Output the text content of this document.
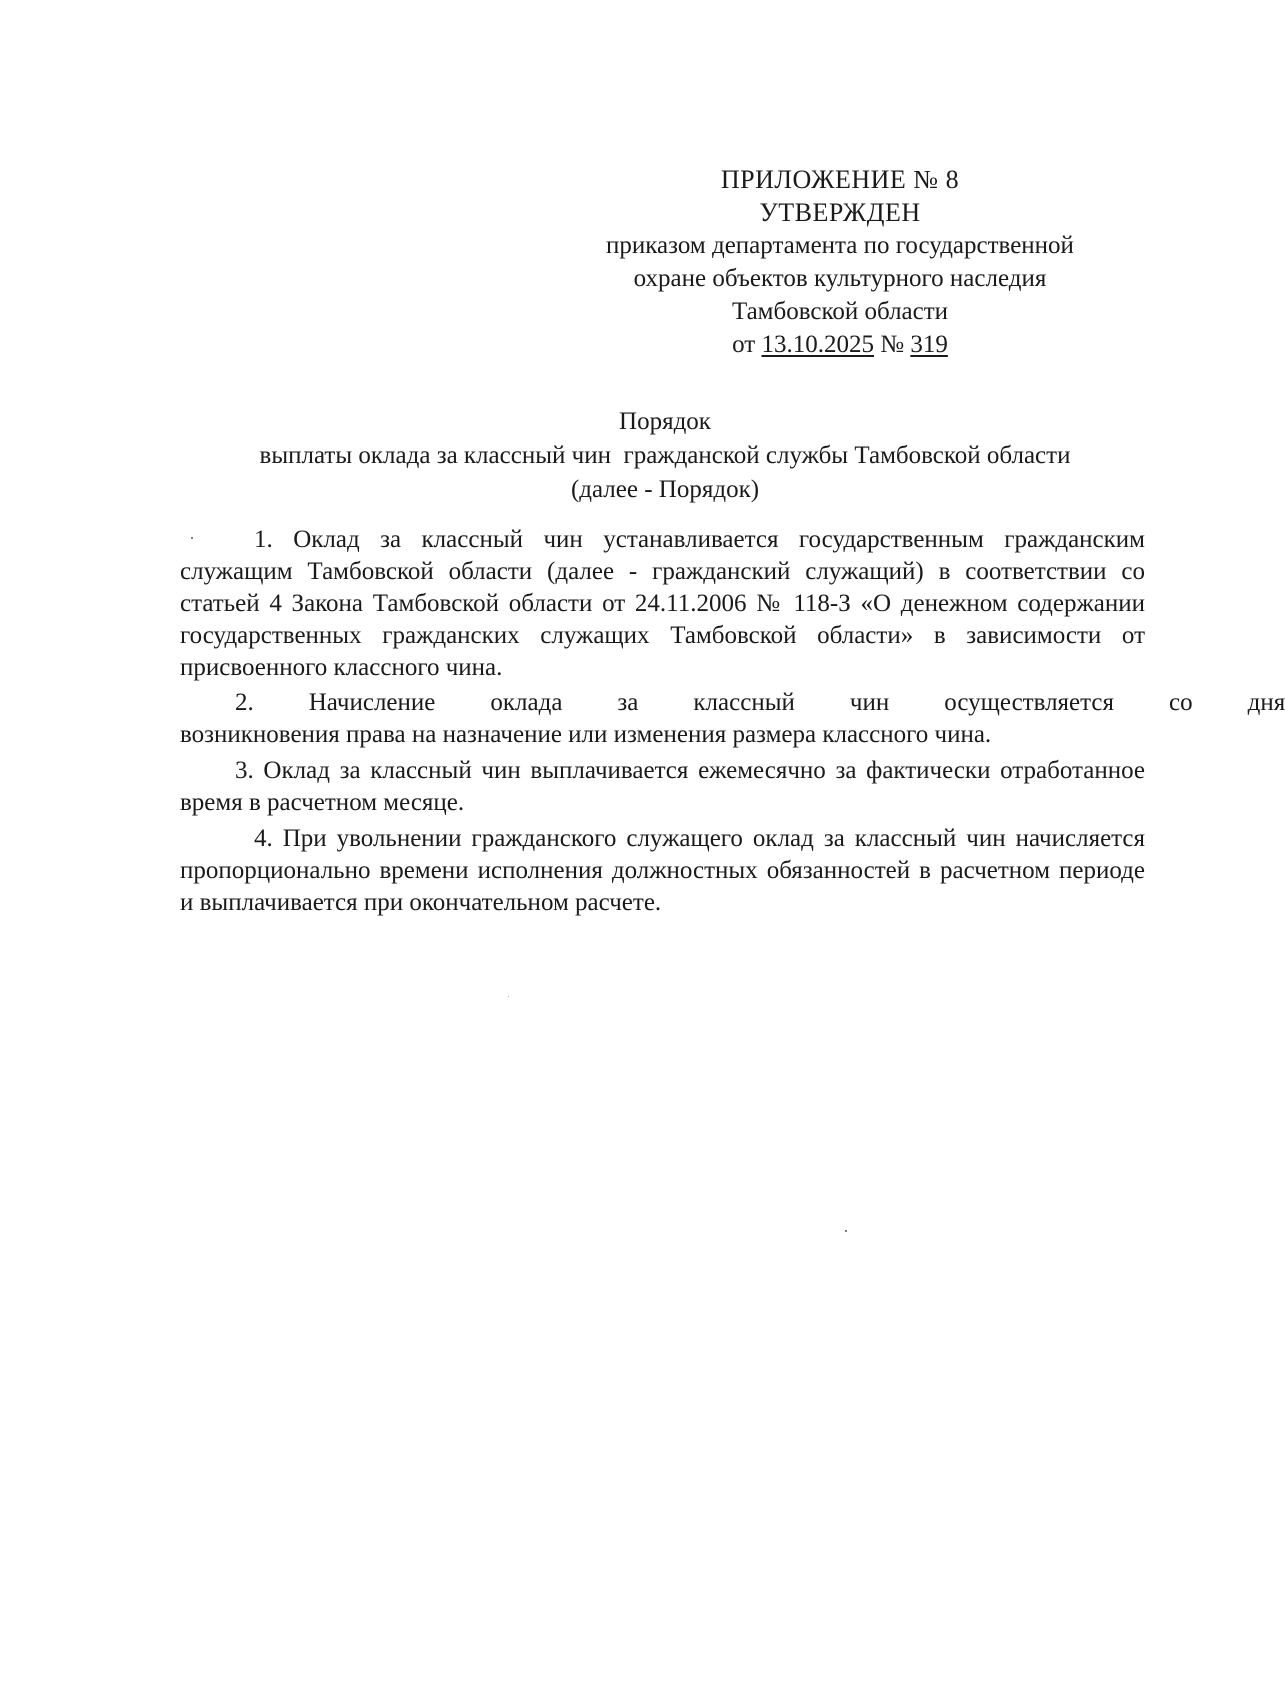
ПРИЛОЖЕНИЕ № 8
УТВЕРЖДЕН
приказом департамента по государственной
охране объектов культурного наследия
Тамбовской области
от 13.10.2025 № 319
Порядок
выплаты оклада за классный чин  гражданской службы Тамбовской области
(далее - Порядок)

1. Оклад за классный чин устанавливается государственным гражданским служащим Тамбовской области (далее - гражданский служащий) в соответствии со статьей 4 Закона Тамбовской области от 24.11.2006 № 118-З «О денежном содержании государственных гражданских служащих Тамбовской области» в зависимости от присвоенного классного чина.

2.	Начисление	оклада	за	классный	чин	осуществляется	со	дня
возникновения права на назначение или изменения размера классного чина.

3. Оклад за классный чин выплачивается ежемесячно за фактически отработанное время в расчетном месяце.

4. При увольнении гражданского служащего оклад за классный чин начисляется пропорционально времени исполнения должностных обязанностей в расчетном периоде и выплачивается при окончательном расчете.
